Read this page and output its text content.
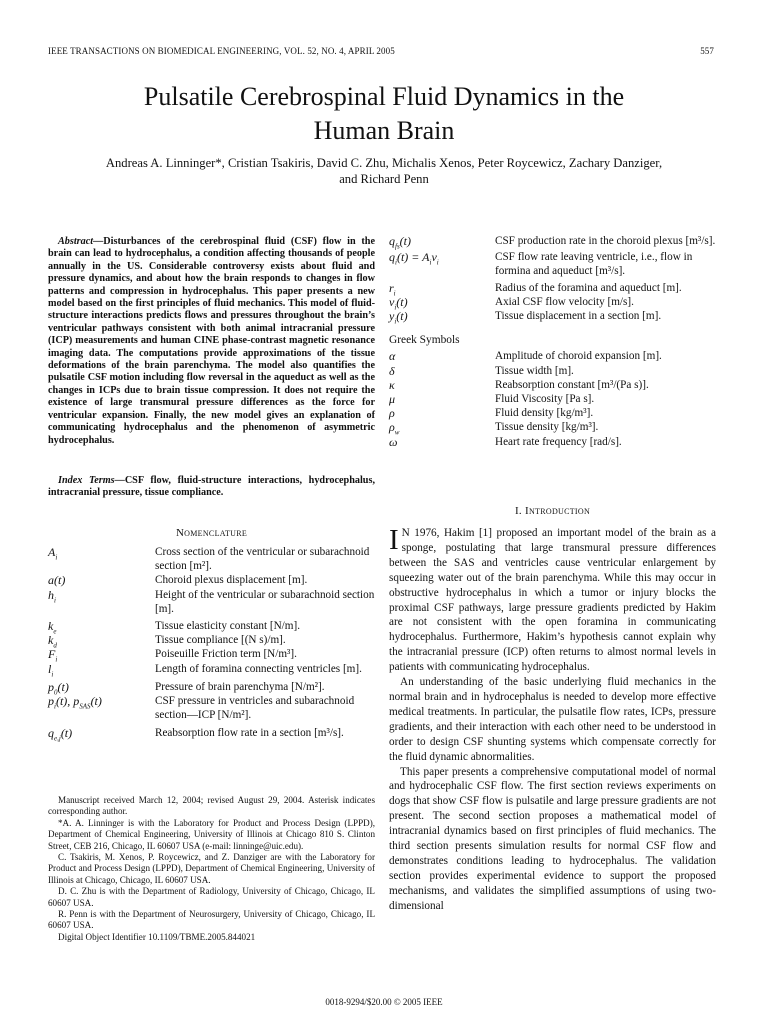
IEEE TRANSACTIONS ON BIOMEDICAL ENGINEERING, VOL. 52, NO. 4, APRIL 2005	557
Pulsatile Cerebrospinal Fluid Dynamics in the
Human Brain
Andreas A. Linninger*, Cristian Tsakiris, David C. Zhu, Michalis Xenos, Peter Roycewicz, Zachary Danziger,
and Richard Penn

Abstract—Disturbances of the cerebrospinal fluid (CSF) flow in the brain can lead to hydrocephalus, a condition affecting thousands of people annually in the US. Considerable controversy exists about fluid and pressure dynamics, and about how the brain responds to changes in flow patterns and compression in hydrocephalus. This paper presents a new model based on the first principles of fluid mechanics. This model of fluid-structure interactions predicts flows and pressures throughout the brain’s ventricular pathways consistent with both animal intracranial pressure (ICP) measurements and human CINE phase-contrast magnetic resonance imaging data. The computations provide approximations of the tissue deformations of the brain parenchyma. The model also quantifies the pulsatile CSF motion including flow reversal in the aqueduct as well as the changes in ICPs due to brain tissue compression. It does not require the existence of large transmural pressure differences as the force for ventricular expansion. Finally, the new model gives an explanation of communicating hydrocephalus and the phenomenon of asymmetric hydrocephalus.

Index Terms—CSF flow, fluid-structure interactions, hydrocephalus, intracranial pressure, tissue compliance.
Nomenclature
$A_i$	Cross section of the ventricular or subarachnoid section [m²].
a(t)	Choroid plexus displacement [m].
$h_i$	Height of the ventricular or subarachnoid section [m].
$k_e$	Tissue elasticity constant [N/m].
$k_d$	Tissue compliance [(N s)/m].
$F_i$	Poiseuille Friction term [N/m³].
$l_i$	Length of foramina connecting ventricles [m].
$p_0(t)$	Pressure of brain parenchyma [N/m²].
$p_i(t)$, $p_{SAS}(t)$	CSF pressure in ventricles and subarachnoid section—ICP [N/m²].
$q_{e,j}(t)$	Reabsorption flow rate in a section [m³/s].

Manuscript received March 12, 2004; revised August 29, 2004. Asterisk indicates corresponding author.

*A. A. Linninger is with the Laboratory for Product and Process Design (LPPD), Department of Chemical Engineering, University of Illinois at Chicago 810 S. Clinton Street, CEB 216, Chicago, IL 60607 USA (e-mail: linninge@uic.edu).

C. Tsakiris, M. Xenos, P. Roycewicz, and Z. Danziger are with the Laboratory for Product and Process Design (LPPD), Department of Chemical Engineering, University of Illinois at Chicago, Chicago, IL 60607 USA.

D. C. Zhu is with the Department of Radiology, University of Chicago, Chicago, IL 60607 USA.

R. Penn is with the Department of Neurosurgery, University of Chicago, Chicago, IL 60607 USA.

Digital Object Identifier 10.1109/TBME.2005.844021

$q_{fs}(t)$	CSF production rate in the choroid plexus [m³/s].
$q_i(t) = A_iv_i$	CSF flow rate leaving ventricle, i.e., flow in formina and aqueduct [m³/s].
$r_i$	Radius of the foramina and aqueduct [m].
$v_i(t)$	Axial CSF flow velocity [m/s].
$y_i(t)$	Tissue displacement in a section [m].
Greek Symbols
α	Amplitude of choroid expansion [m].
δ	Tissue width [m].
κ	Reabsorption constant [m³/(Pa s)].
μ	Fluid Viscosity [Pa s].
ρ	Fluid density [kg/m³].
$\rho_w$	Tissue density [kg/m³].
ω	Heart rate frequency [rad/s].
I. Introduction

I N 1976, Hakim [1] proposed an important model of the brain as a sponge, postulating that large transmural pressure differences between the SAS and ventricles cause ventricular enlargement by squeezing water out of the brain parenchyma. While this may occur in obstructive hydrocephalus in which a tumor or injury blocks the proximal CSF pathways, large pressure gradients predicted by Hakim are not consistent with the open foramina in communicating hydrocephalus. Furthermore, Hakim’s hypothesis cannot explain why the intracranial pressure (ICP) often returns to almost normal levels in patients with communicating hydrocephalus.

An understanding of the basic underlying fluid mechanics in the normal brain and in hydrocephalus is needed to develop more effective medical treatments. In particular, the pulsatile flow rates, ICPs, pressure gradients, and their interaction with each other need to be understood in order to design CSF shunting systems which compensate correctly for the fluid dynamic abnormalities.

This paper presents a comprehensive computational model of normal and hydrocephalic CSF flow. The first section reviews experiments on dogs that show CSF flow is pulsatile and large pressure gradients are not present. The second section proposes a mathematical model of intracranial dynamics based on first principles of fluid mechanics. The third section presents simulation results for normal CSF flow and demonstrates conditions leading to hydrocephalus. The validation section provides experimental evidence to support the proposed mechanisms, and validates the simplified assumptions of using two-dimensional

0018-9294/$20.00 © 2005 IEEE
